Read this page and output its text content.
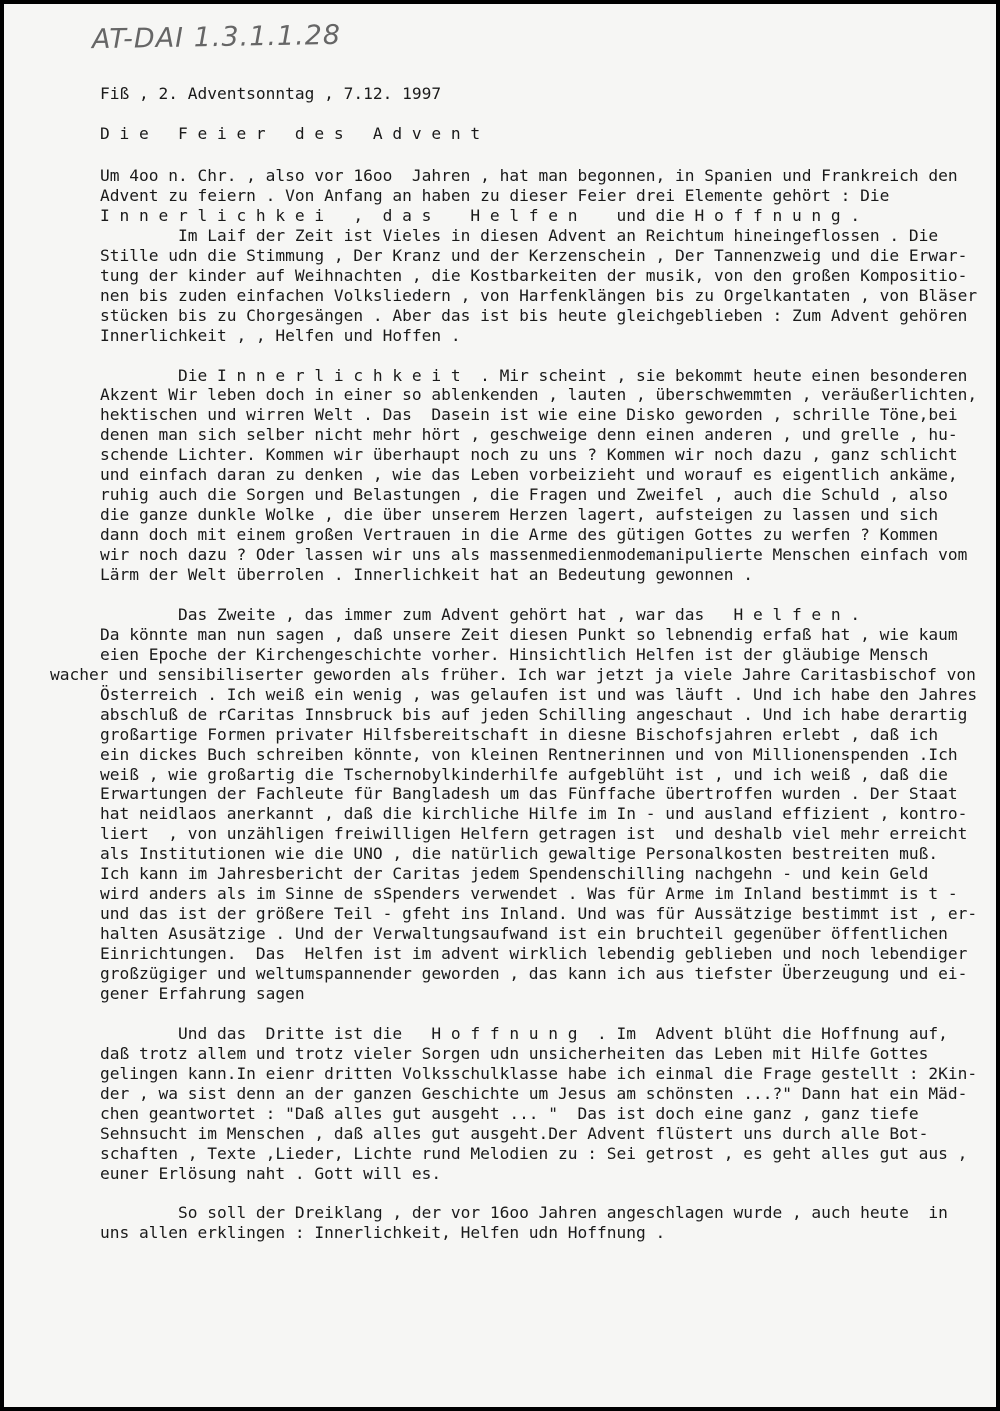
AT-DAI 1.3.1.1.28
Fiß , 2. Adventsonntag , 7.12. 1997
D i e   F e i e r   d e s   A d v e n t
Um 4oo n. Chr. , also vor 16oo  Jahren , hat man begonnen, in Spanien und Frankreich den
Advent zu feiern . Von Anfang an haben zu dieser Feier drei Elemente gehört : Die
I n n e r l i c h k e i   ,  d a s    H e l f e n    und die H o f f n u n g .
Im Laif der Zeit ist Vieles in diesen Advent an Reichtum hineingeflossen . Die
Stille udn die Stimmung , Der Kranz und der Kerzenschein , Der Tannenzweig und die Erwar-
tung der kinder auf Weihnachten , die Kostbarkeiten der musik, von den großen Kompositio-
nen bis zuden einfachen Volksliedern , von Harfenklängen bis zu Orgelkantaten , von Bläser
stücken bis zu Chorgesängen . Aber das ist bis heute gleichgeblieben : Zum Advent gehören
Innerlichkeit , , Helfen und Hoffen .
Die I n n e r l i c h k e i t  . Mir scheint , sie bekommt heute einen besonderen
Akzent Wir leben doch in einer so ablenkenden , lauten , überschwemmten , veräußerlichten,
hektischen und wirren Welt . Das  Dasein ist wie eine Disko geworden , schrille Töne,bei
denen man sich selber nicht mehr hört , geschweige denn einen anderen , und grelle , hu-
schende Lichter. Kommen wir überhaupt noch zu uns ? Kommen wir noch dazu , ganz schlicht
und einfach daran zu denken , wie das Leben vorbeizieht und worauf es eigentlich ankäme,
ruhig auch die Sorgen und Belastungen , die Fragen und Zweifel , auch die Schuld , also
die ganze dunkle Wolke , die über unserem Herzen lagert, aufsteigen zu lassen und sich
dann doch mit einem großen Vertrauen in die Arme des gütigen Gottes zu werfen ? Kommen
wir noch dazu ? Oder lassen wir uns als massenmedienmodemanipulierte Menschen einfach vom
Lärm der Welt überrolen . Innerlichkeit hat an Bedeutung gewonnen .
Das Zweite , das immer zum Advent gehört hat , war das   H e l f e n .
Da könnte man nun sagen , daß unsere Zeit diesen Punkt so lebnendig erfaß hat , wie kaum
eien Epoche der Kirchengeschichte vorher. Hinsichtlich Helfen ist der gläubige Mensch
wacher und sensibiliserter geworden als früher. Ich war jetzt ja viele Jahre Caritasbischof von
Österreich . Ich weiß ein wenig , was gelaufen ist und was läuft . Und ich habe den Jahres
abschluß de rCaritas Innsbruck bis auf jeden Schilling angeschaut . Und ich habe derartig
großartige Formen privater Hilfsbereitschaft in diesne Bischofsjahren erlebt , daß ich
ein dickes Buch schreiben könnte, von kleinen Rentnerinnen und von Millionenspenden .Ich
weiß , wie großartig die Tschernobylkinderhilfe aufgeblüht ist , und ich weiß , daß die
Erwartungen der Fachleute für Bangladesh um das Fünffache übertroffen wurden . Der Staat
hat neidlaos anerkannt , daß die kirchliche Hilfe im In - und ausland effizient , kontro-
liert  , von unzähligen freiwilligen Helfern getragen ist  und deshalb viel mehr erreicht
als Institutionen wie die UNO , die natürlich gewaltige Personalkosten bestreiten muß.
Ich kann im Jahresbericht der Caritas jedem Spendenschilling nachgehn - und kein Geld
wird anders als im Sinne de sSpenders verwendet . Was für Arme im Inland bestimmt is t -
und das ist der größere Teil - gfeht ins Inland. Und was für Aussätzige bestimmt ist , er-
halten Asusätzige . Und der Verwaltungsaufwand ist ein bruchteil gegenüber öffentlichen
Einrichtungen.  Das  Helfen ist im advent wirklich lebendig geblieben und noch lebendiger
großzügiger und weltumspannender geworden , das kann ich aus tiefster Überzeugung und ei-
gener Erfahrung sagen
Und das  Dritte ist die   H o f f n u n g  . Im  Advent blüht die Hoffnung auf,
daß trotz allem und trotz vieler Sorgen udn unsicherheiten das Leben mit Hilfe Gottes
gelingen kann.In eienr dritten Volksschulklasse habe ich einmal die Frage gestellt : 2Kin-
der , wa sist denn an der ganzen Geschichte um Jesus am schönsten ...?" Dann hat ein Mäd-
chen geantwortet : "Daß alles gut ausgeht ... "  Das ist doch eine ganz , ganz tiefe
Sehnsucht im Menschen , daß alles gut ausgeht.Der Advent flüstert uns durch alle Bot-
schaften , Texte ,Lieder, Lichte rund Melodien zu : Sei getrost , es geht alles gut aus ,
euner Erlösung naht . Gott will es.
So soll der Dreiklang , der vor 16oo Jahren angeschlagen wurde , auch heute  in
uns allen erklingen : Innerlichkeit, Helfen udn Hoffnung .
